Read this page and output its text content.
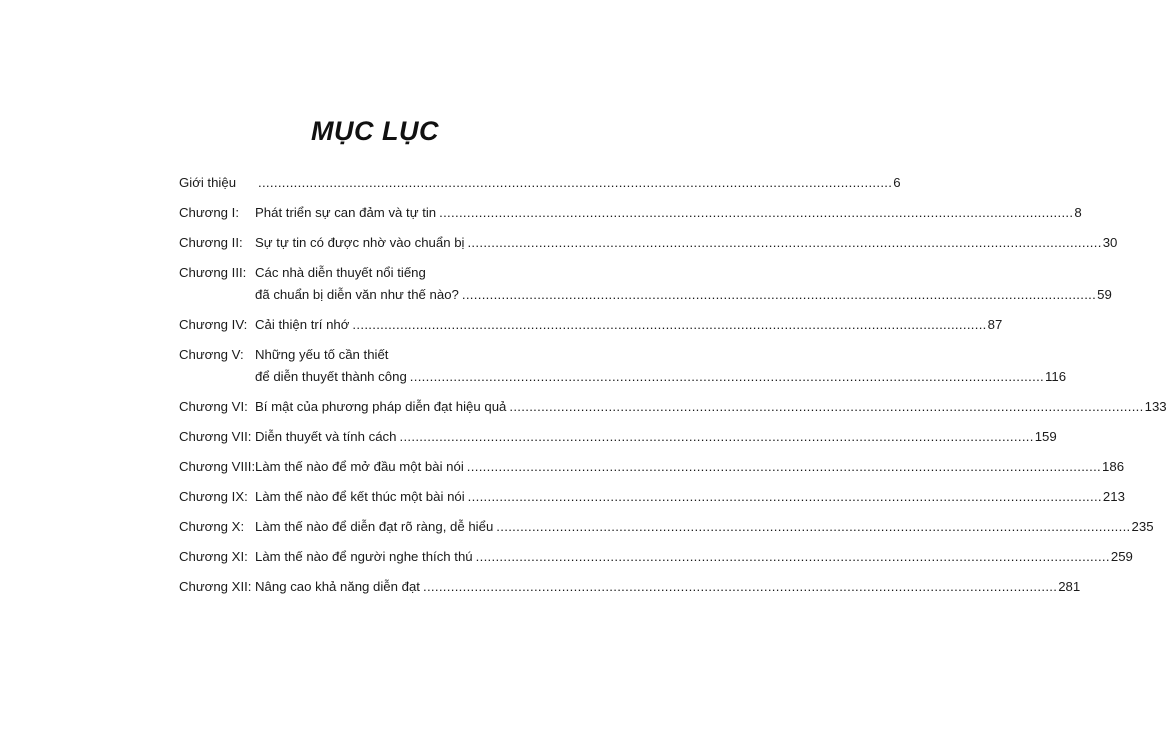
MỤC LỤC
Giới thiệu ................................................................................................................................................................ 6
Chương I: Phát triển sự can đảm và tự tin ................................................................................................................................................................ 8
Chương II: Sự tự tin có được nhờ vào chuẩn bị ................................................................................................................................................................ 30
Chương III: Các nhà diễn thuyết nổi tiếng
đã chuẩn bị diễn văn như thế nào? ................................................................................................................................................................ 59
Chương IV: Cải thiện trí nhớ ................................................................................................................................................................ 87
Chương V: Những yếu tố cần thiết
để diễn thuyết thành công ................................................................................................................................................................ 116
Chương VI: Bí mật của phương pháp diễn đạt hiệu quả ................................................................................................................................................................ 133
Chương VII: Diễn thuyết và tính cách ................................................................................................................................................................ 159
Chương VIII: Làm thế nào để mở đầu một bài nói ................................................................................................................................................................ 186
Chương IX: Làm thế nào để kết thúc một bài nói ................................................................................................................................................................ 213
Chương X: Làm thế nào để diễn đạt rõ ràng, dễ hiểu ................................................................................................................................................................ 235
Chương XI: Làm thế nào để người nghe thích thú ................................................................................................................................................................ 259
Chương XII: Nâng cao khả năng diễn đạt ................................................................................................................................................................ 281
